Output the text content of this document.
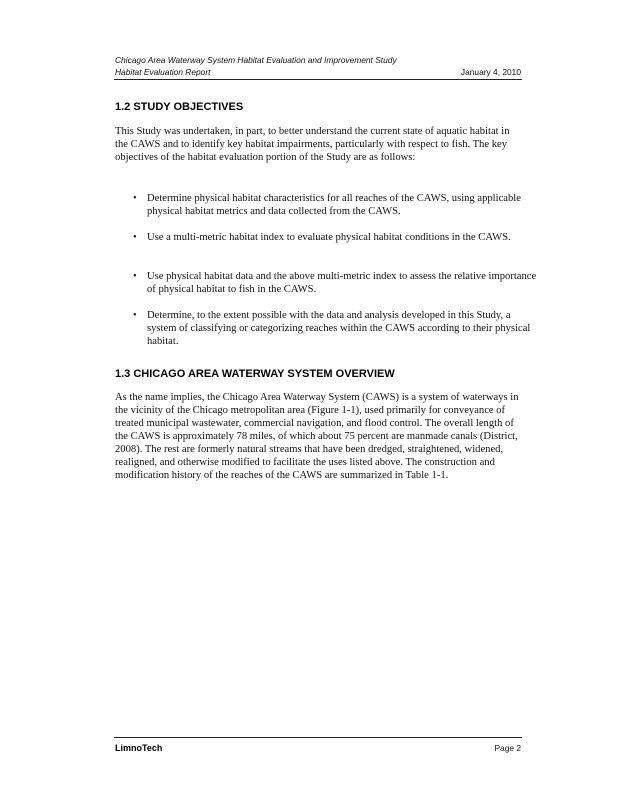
Chicago Area Waterway System Habitat Evaluation and Improvement Study
Habitat Evaluation Report	January 4, 2010
1.2 STUDY OBJECTIVES

This Study was undertaken, in part, to better understand the current state of aquatic habitat in the CAWS and to identify key habitat impairments, particularly with respect to fish. The key objectives of the habitat evaluation portion of the Study are as follows:

• Determine physical habitat characteristics for all reaches of the CAWS, using applicable physical habitat metrics and data collected from the CAWS.
• Use a multi-metric habitat index to evaluate physical habitat conditions in the CAWS.
• Use physical habitat data and the above multi-metric index to assess the relative importance of physical habitat to fish in the CAWS.
• Determine, to the extent possible with the data and analysis developed in this Study, a system of classifying or categorizing reaches within the CAWS according to their physical habitat.
1.3 CHICAGO AREA WATERWAY SYSTEM OVERVIEW

As the name implies, the Chicago Area Waterway System (CAWS) is a system of waterways in the vicinity of the Chicago metropolitan area (Figure 1-1), used primarily for conveyance of treated municipal wastewater, commercial navigation, and flood control. The overall length of the CAWS is approximately 78 miles, of which about 75 percent are manmade canals (District, 2008). The rest are formerly natural streams that have been dredged, straightened, widened, realigned, and otherwise modified to facilitate the uses listed above. The construction and modification history of the reaches of the CAWS are summarized in Table 1-1.

LimnoTech	Page 2
